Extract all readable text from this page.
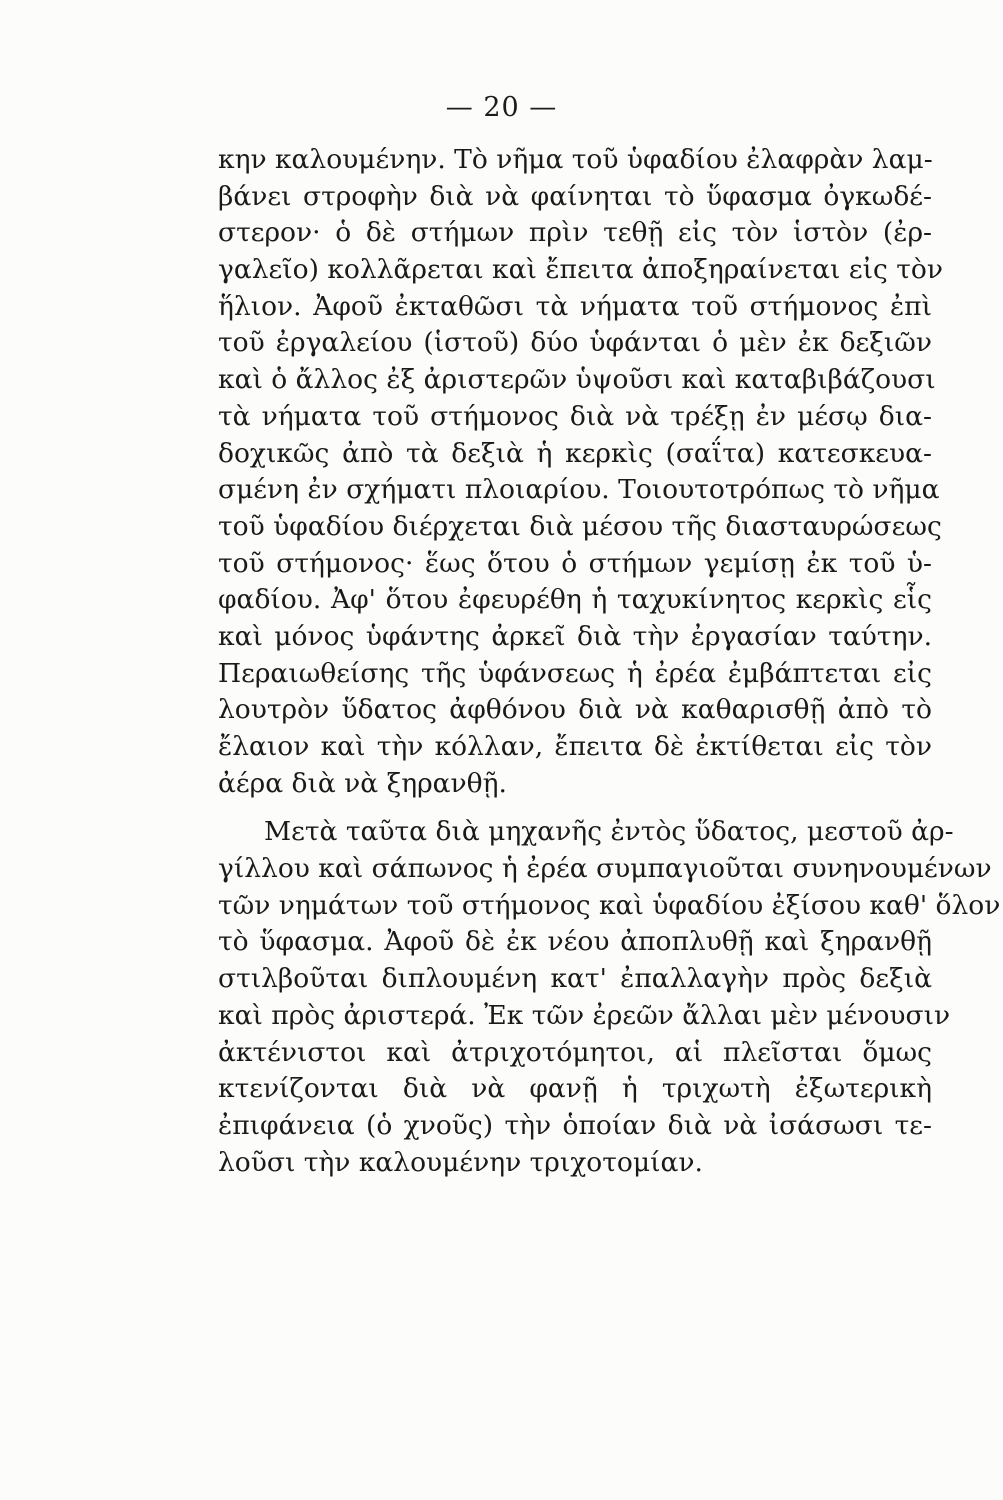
— 20 —
κην καλουμένην. Τὸ νῆμα τοῦ ὑφαδίου ἐλαφρὰν λαμ-
βάνει στροφὴν διὰ νὰ φαίνηται τὸ ὕφασμα ὀγκωδέ-
στερον· ὁ δὲ στήμων πρὶν τεθῇ εἰς τὸν ἱστὸν (ἐρ-
γαλεῖο) κολλᾶρεται καὶ ἔπειτα ἀποξηραίνεται εἰς τὸν
ἥλιον. Ἀφοῦ ἐκταθῶσι τὰ νήματα τοῦ στήμονος ἐπὶ
τοῦ ἐργαλείου (ἱστοῦ) δύο ὑφάνται ὁ μὲν ἐκ δεξιῶν
καὶ ὁ ἄλλος ἐξ ἀριστερῶν ὑψοῦσι καὶ καταβιβάζουσι
τὰ νήματα τοῦ στήμονος διὰ νὰ τρέξῃ ἐν μέσῳ δια-
δοχικῶς ἀπὸ τὰ δεξιὰ ἡ κερκὶς (σαΐτα) κατεσκευα-
σμένη ἐν σχήματι πλοιαρίου. Τοιουτοτρόπως τὸ νῆμα
τοῦ ὑφαδίου διέρχεται διὰ μέσου τῆς διασταυρώσεως
τοῦ στήμονος· ἕως ὅτου ὁ στήμων γεμίσῃ ἐκ τοῦ ὑ-
φαδίου. Ἀφ' ὅτου ἐφευρέθη ἡ ταχυκίνητος κερκὶς εἷς
καὶ μόνος ὑφάντης ἀρκεῖ διὰ τὴν ἐργασίαν ταύτην.
Περαιωθείσης τῆς ὑφάνσεως ἡ ἐρέα ἐμβάπτεται εἰς
λουτρὸν ὕδατος ἀφθόνου διὰ νὰ καθαρισθῇ ἀπὸ τὸ
ἔλαιον καὶ τὴν κόλλαν, ἔπειτα δὲ ἐκτίθεται εἰς τὸν
ἀέρα διὰ νὰ ξηρανθῇ.
Μετὰ ταῦτα διὰ μηχανῆς ἐντὸς ὕδατος, μεστοῦ ἀρ-
γίλλου καὶ σάπωνος ἡ ἐρέα συμπαγιοῦται συνηνουμένων
τῶν νημάτων τοῦ στήμονος καὶ ὑφαδίου ἐξίσου καθ' ὅλον
τὸ ὕφασμα. Ἀφοῦ δὲ ἐκ νέου ἀποπλυθῇ καὶ ξηρανθῇ
στιλβοῦται διπλουμένη κατ' ἐπαλλαγὴν πρὸς δεξιὰ
καὶ πρὸς ἀριστερά. Ἐκ τῶν ἐρεῶν ἄλλαι μὲν μένουσιν
ἀκτένιστοι καὶ ἀτριχοτόμητοι, αἱ πλεῖσται ὅμως
κτενίζονται διὰ νὰ φανῇ ἡ τριχωτὴ ἐξωτερικὴ
ἐπιφάνεια (ὁ χνοῦς) τὴν ὁποίαν διὰ νὰ ἰσάσωσι τε-
λοῦσι τὴν καλουμένην τριχοτομίαν.
